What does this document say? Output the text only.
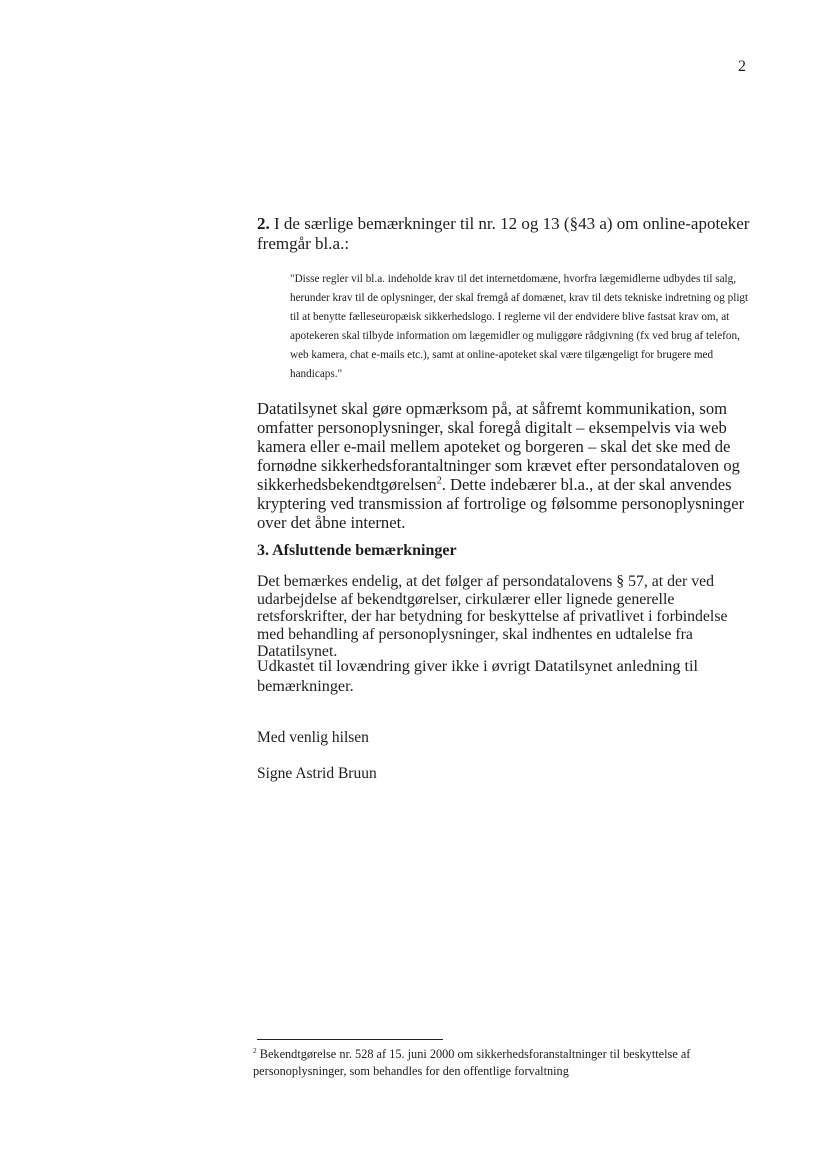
2
2. I de særlige bemærkninger til nr. 12 og 13 (§43 a) om online-apoteker fremgår bl.a.:
"Disse regler vil bl.a. indeholde krav til det internetdomæne, hvorfra lægemidlerne udbydes til salg, herunder krav til de oplysninger, der skal fremgå af domænet, krav til dets tekniske indretning og pligt til at benytte fælleseuropæisk sikkerhedslogo. I reglerne vil der endvidere blive fastsat krav om, at apotekeren skal tilbyde information om lægemidler og muliggøre rådgivning (fx ved brug af telefon, web kamera, chat e-mails etc.), samt at online-apoteket skal være tilgængeligt for brugere med handicaps."
Datatilsynet skal gøre opmærksom på, at såfremt kommunikation, som omfatter personoplysninger, skal foregå digitalt – eksempelvis via web kamera eller e-mail mellem apoteket og borgeren – skal det ske med de fornødne sikkerhedsforantaltninger som krævet efter persondataloven og sikkerhedsbekendtgørelsen$^2$. Dette indebærer bl.a., at der skal anvendes kryptering ved transmission af fortrolige og følsomme personoplysninger over det åbne internet.
3. Afsluttende bemærkninger
Det bemærkes endelig, at det følger af persondatalovens § 57, at der ved udarbejdelse af bekendtgørelser, cirkulærer eller lignede generelle retsforskrifter, der har betydning for beskyttelse af privatlivet i forbindelse med behandling af personoplysninger, skal indhentes en udtalelse fra Datatilsynet.
Udkastet til lovændring giver ikke i øvrigt Datatilsynet anledning til bemærkninger.
Med venlig hilsen
Signe Astrid Bruun
$^2$ Bekendtgørelse nr. 528 af 15. juni 2000 om sikkerhedsforanstaltninger til beskyttelse af personoplysninger, som behandles for den offentlige forvaltning
